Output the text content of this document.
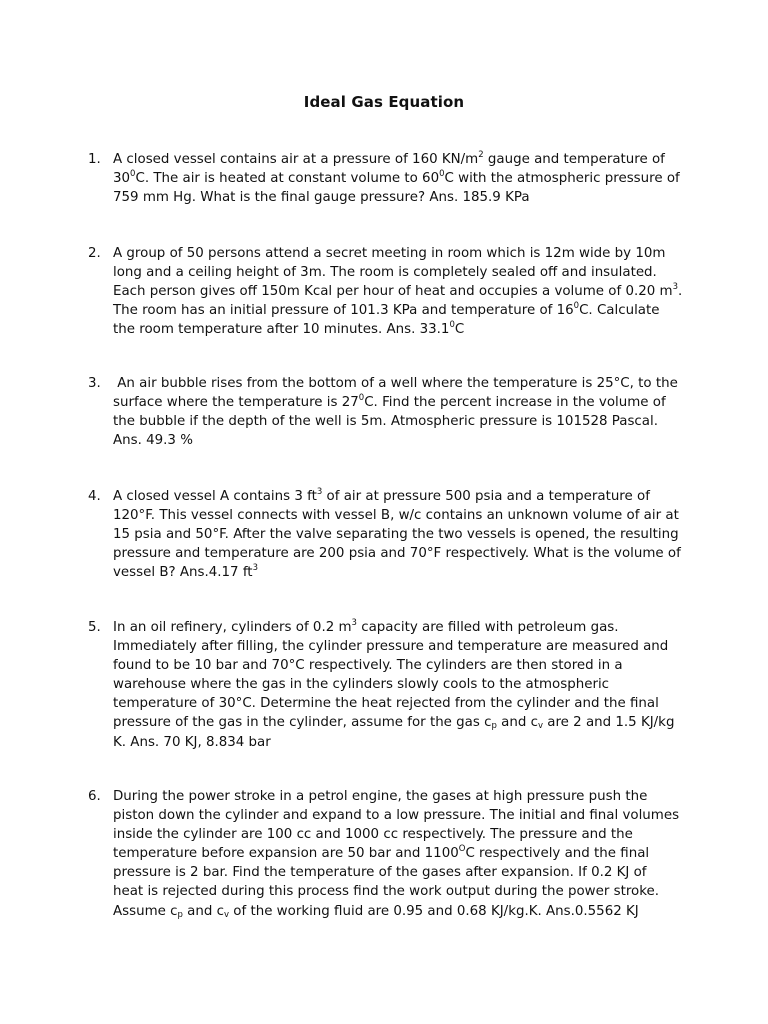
Ideal Gas Equation
1. A closed vessel contains air at a pressure of 160 $KN/m^2$ gauge and temperature of
$30^0C$. The air is heated at constant volume to $60^0C$ with the atmospheric pressure of
759 mm Hg. What is the final gauge pressure? Ans. 185.9 KPa
2. A group of 50 persons attend a secret meeting in room which is 12m wide by 10m
long and a ceiling height of 3m. The room is completely sealed off and insulated.
Each person gives off 150m Kcal per hour of heat and occupies a volume of 0.20 $m^3$.
The room has an initial pressure of 101.3 KPa and temperature of $16^0C$. Calculate
the room temperature after 10 minutes. Ans. 33.1$^0$C
3. An air bubble rises from the bottom of a well where the temperature is 25°C, to the
surface where the temperature is $27^0C$. Find the percent increase in the volume of
the bubble if the depth of the well is 5m. Atmospheric pressure is 101528 Pascal.
Ans. 49.3 %
4. A closed vessel A contains 3 $ft^3$ of air at pressure 500 psia and a temperature of
120°F. This vessel connects with vessel B, w/c contains an unknown volume of air at
15 psia and 50°F. After the valve separating the two vessels is opened, the resulting
pressure and temperature are 200 psia and 70°F respectively. What is the volume of
vessel B? Ans.4.17 $ft^3$
5. In an oil refinery, cylinders of 0.2 $m^3$ capacity are filled with petroleum gas.
Immediately after filling, the cylinder pressure and temperature are measured and
found to be 10 bar and 70°C respectively. The cylinders are then stored in a
warehouse where the gas in the cylinders slowly cools to the atmospheric
temperature of 30°C. Determine the heat rejected from the cylinder and the final
pressure of the gas in the cylinder, assume for the gas $c_p$ and $c_v$ are 2 and 1.5 KJ/kg
K. Ans. 70 KJ, 8.834 bar
6. During the power stroke in a petrol engine, the gases at high pressure push the
piston down the cylinder and expand to a low pressure. The initial and final volumes
inside the cylinder are 100 cc and 1000 cc respectively. The pressure and the
temperature before expansion are 50 bar and $1100^OC$ respectively and the final
pressure is 2 bar. Find the temperature of the gases after expansion. If 0.2 KJ of
heat is rejected during this process find the work output during the power stroke.
Assume $c_p$ and $c_v$ of the working fluid are 0.95 and 0.68 KJ/kg.K. Ans.0.5562 KJ
